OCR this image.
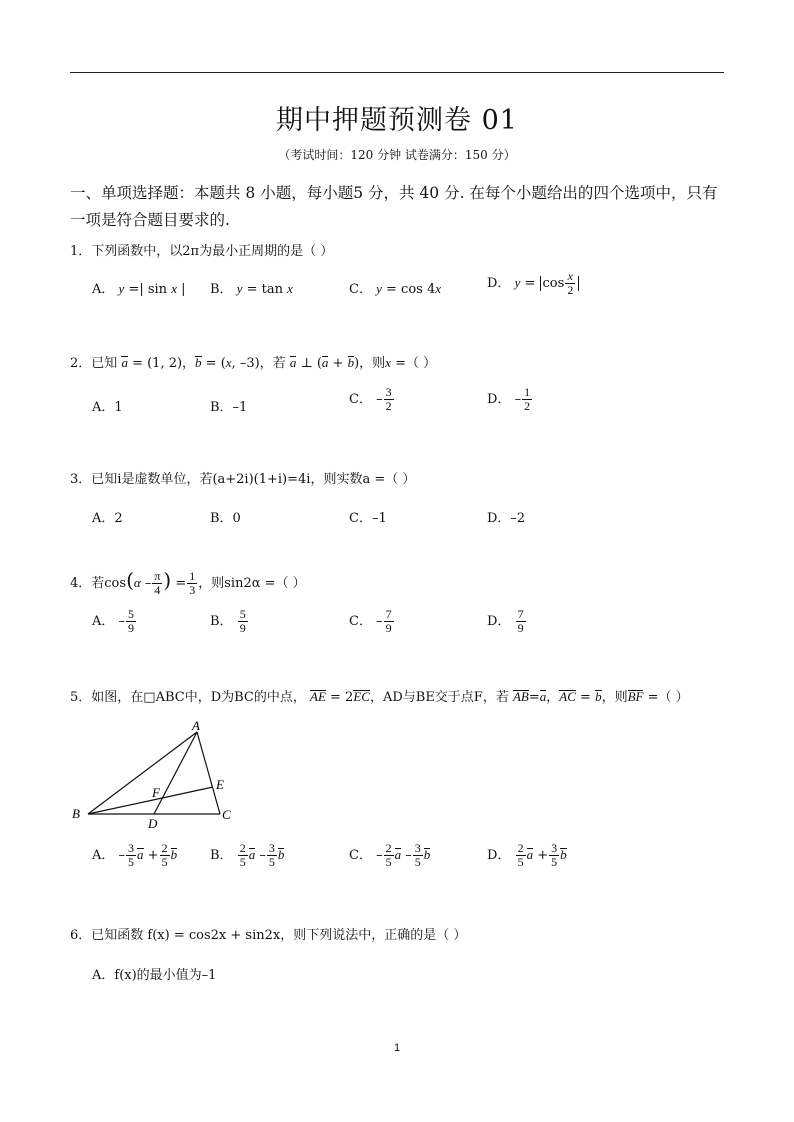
期中押题预测卷 01
（考试时间：120 分钟 试卷满分：150 分）
一、单项选择题：本题共 8 小题，每小题5 分，共 40 分. 在每个小题给出的四个选项中，只有一项是符合题目要求的.
1．下列函数中，以2π为最小正周期的是（ ）
A． y =| sin x | B． y = tan x	C． y = cos 4x	D． $y = \cos \frac{x}{2}$
2．已知 a = (1, 2)，b = (x, –3)，若 a ⊥ (a + b)，则x =（ ）
A．1	B．–1
C． – $\frac{3}{2}$	D． – $\frac{1}{2}$
3．已知i是虚数单位，若(a+2i)(1+i)=4i，则实数a =（ ）
A．2	B．0	C．–1	D．–2
4．若$\cos(\alpha - \frac{\pi}{4}$ ) = $\frac{1}{3}$ ，则sin2α =（ ）
A． – $\frac{5}{9}$	B． $\frac{5}{9}$	C． – $\frac{7}{9}$	D． $\frac{7}{9}$
5．如图，在□ABC中，D为BC的中点， AE = 2EC，AD与BE交于点F，若 AB=a，AC = b，则BF =（ ）
A
B	C
D
E
F
A． – $\frac{3}{5}$ $a + \frac{2}{5}$ b	B． $\frac{2}{5}$ a – $\frac{3}{5}$ b	C． – $\frac{2}{5}$ a – $\frac{3}{5}$ b	D． $\frac{2}{5}$ $a + \frac{3}{5}$ b
6．已知函数 f(x) = cos2x + sin2x，则下列说法中，正确的是（ ）
A．f(x)的最小值为–1
1
